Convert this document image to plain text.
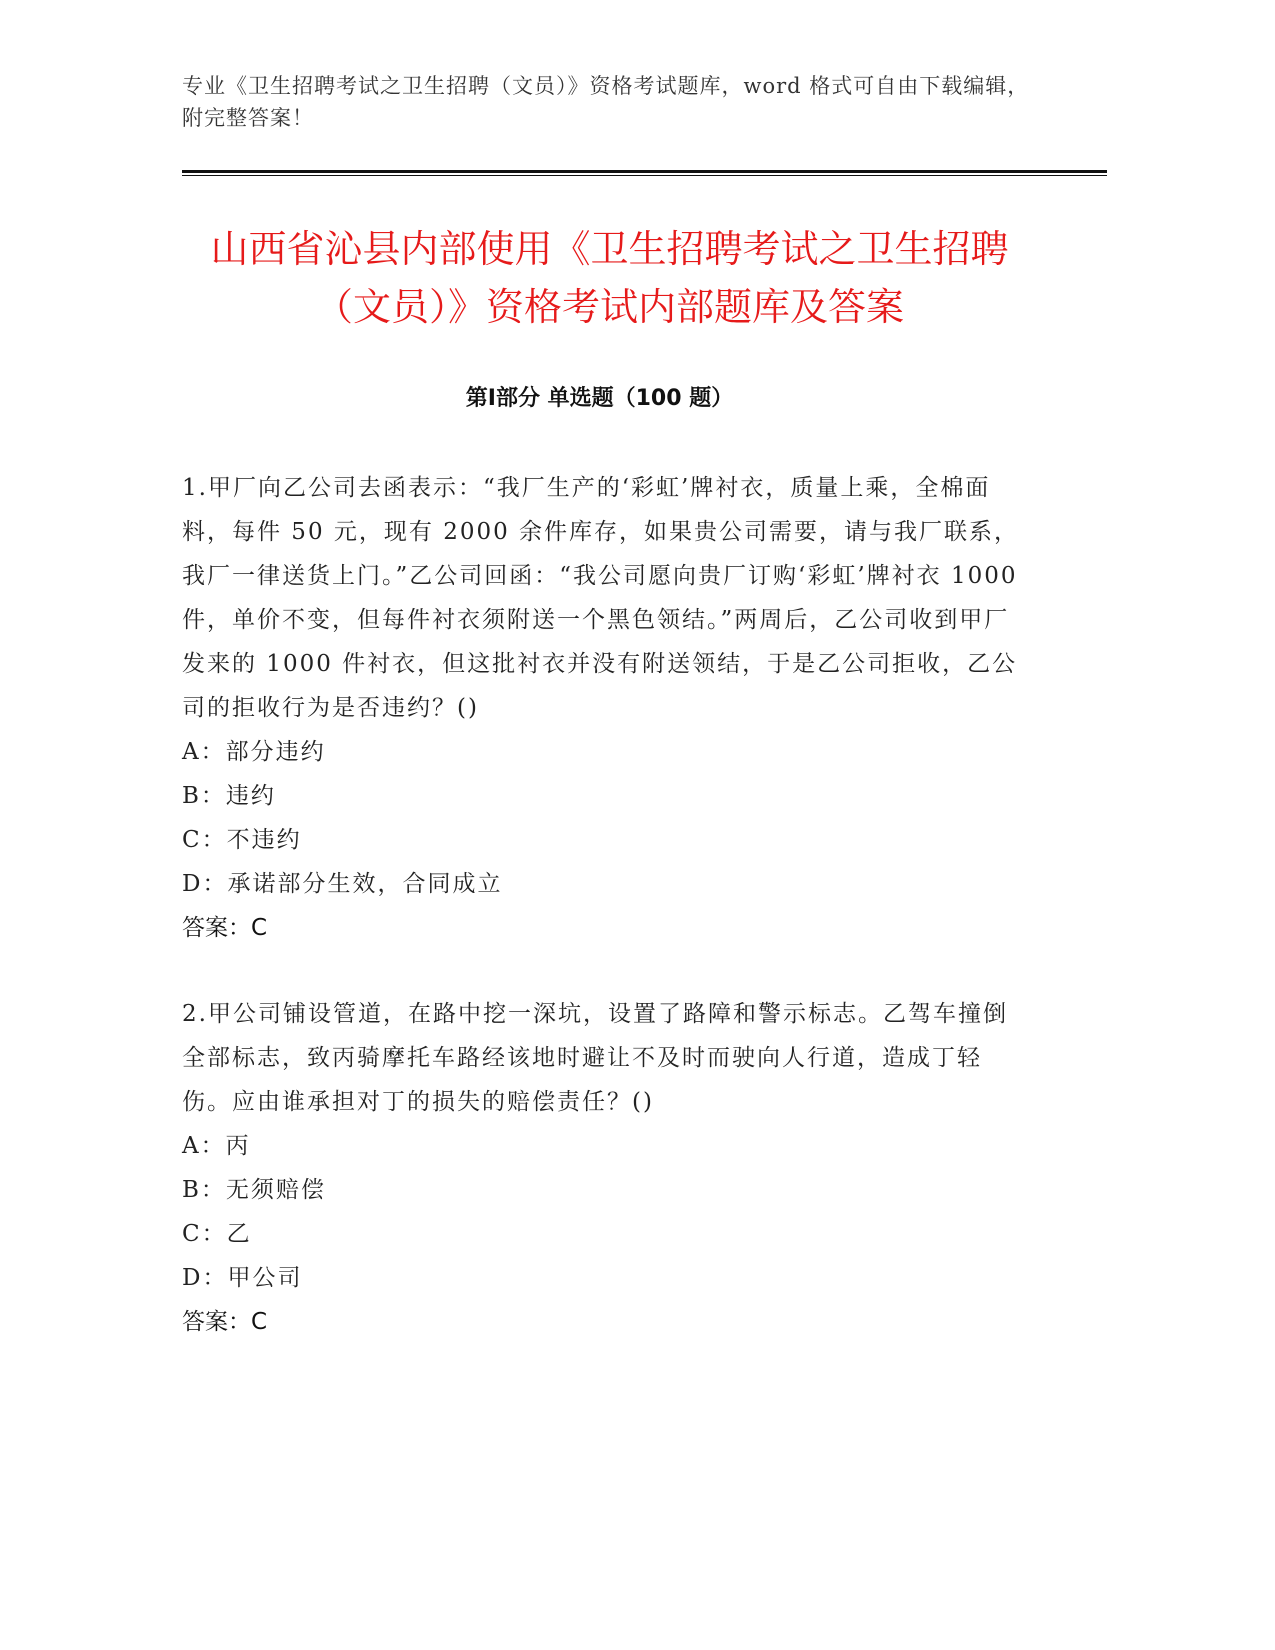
专业《卫生招聘考试之卫生招聘（文员）》资格考试题库，word 格式可自由下载编辑，附完整答案！

山西省沁县内部使用《卫生招聘考试之卫生招聘（文员）》资格考试内部题库及答案
第Ⅰ部分 单选题（100 题）

1.甲厂向乙公司去函表示：“我厂生产的‘彩虹’牌衬衣，质量上乘，全棉面料，每件 50 元，现有 2000 余件库存，如果贵公司需要，请与我厂联系，我厂一律送货上门。”乙公司回函：“我公司愿向贵厂订购‘彩虹’牌衬衣 1000 件，单价不变，但每件衬衣须附送一个黑色领结。”两周后，乙公司收到甲厂发来的 1000 件衬衣，但这批衬衣并没有附送领结，于是乙公司拒收，乙公司的拒收行为是否违约？()

A：部分违约

B：违约

C：不违约

D：承诺部分生效，合同成立

答案：C

2.甲公司铺设管道，在路中挖一深坑，设置了路障和警示标志。乙驾车撞倒全部标志，致丙骑摩托车路经该地时避让不及时而驶向人行道，造成丁轻伤。应由谁承担对丁的损失的赔偿责任？()

A：丙

B：无须赔偿

C：乙

D：甲公司

答案：C
